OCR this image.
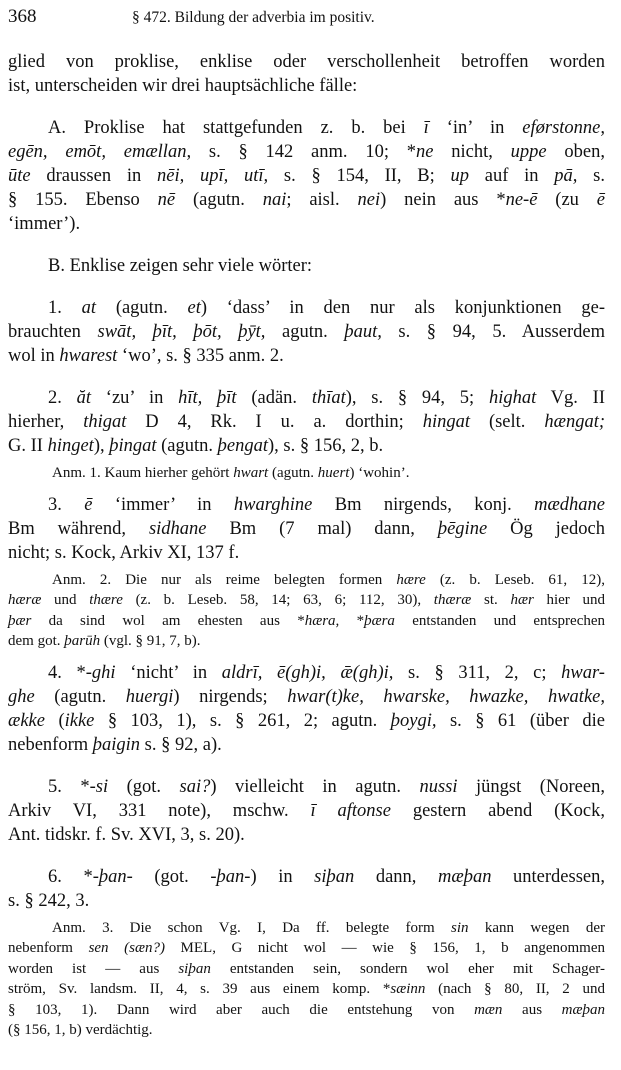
368	§ 472. Bildung der adverbia im positiv.
glied von proklise, enklise oder verschollenheit betroffen worden
ist, unterscheiden wir drei hauptsächliche fälle:
A. Proklise hat stattgefunden z. b. bei ī ‘in’ in eførstonne,
egēn, emōt, emællan, s. § 142 anm. 10; *ne nicht, uppe oben,
ūte draussen in nēi, upī, utī, s. § 154, II, B; up auf in pā, s.
§ 155. Ebenso nē (agutn. nai; aisl. nei) nein aus *ne-ē (zu ē
‘immer’).
B. Enklise zeigen sehr viele wörter:
1. at (agutn. et) ‘dass’ in den nur als konjunktionen ge-
brauchten swāt, þīt, þōt, þȳt, agutn. þaut, s. § 94, 5. Ausserdem
wol in hwarest ‘wo’, s. § 335 anm. 2.
2. ăt ‘zu’ in hīt, þīt (adän. thīat), s. § 94, 5; highat Vg. II
hierher, thigat D 4, Rk. I u. a. dorthin; hingat (selt. hængat;
G. II hinget), þingat (agutn. þengat), s. § 156, 2, b.
Anm. 1. Kaum hierher gehört hwart (agutn. huert) ‘wohin’.
3. ē ‘immer’ in hwarghine Bm nirgends, konj. mædhane
Bm während, sidhane Bm (7 mal) dann, þēgine Ög jedoch
nicht; s. Kock, Arkiv XI, 137 f.
Anm. 2. Die nur als reime belegten formen hære (z. b. Leseb. 61, 12),
hæræ und thære (z. b. Leseb. 58, 14; 63, 6; 112, 30), thæræ st. hær hier und
þær da sind wol am ehesten aus *hæra, *þæra entstanden und entsprechen
dem got. þarūh (vgl. § 91, 7, b).
4. *-ghi ‘nicht’ in aldrī, ē(gh)i, ǣ(gh)i, s. § 311, 2, c; hwar-
ghe (agutn. huergi) nirgends; hwar(t)ke, hwarske, hwazke, hwatke,
ække (ikke § 103, 1), s. § 261, 2; agutn. þoygi, s. § 61 (über die
nebenform þaigin s. § 92, a).
5. *-si (got. sai?) vielleicht in agutn. nussi jüngst (Noreen,
Arkiv VI, 331 note), mschw. ī aftonse gestern abend (Kock,
Ant. tidskr. f. Sv. XVI, 3, s. 20).
6. *-þan- (got. -þan-) in siþan dann, mæþan unterdessen,
s. § 242, 3.
Anm. 3. Die schon Vg. I, Da ff. belegte form sin kann wegen der
nebenform sen (sæn?) MEL, G nicht wol — wie § 156, 1, b angenommen
worden ist — aus siþan entstanden sein, sondern wol eher mit Schager-
ström, Sv. landsm. II, 4, s. 39 aus einem komp. *sæinn (nach § 80, II, 2 und
§ 103, 1). Dann wird aber auch die entstehung von mæn aus mæþan
(§ 156, 1, b) verdächtig.
